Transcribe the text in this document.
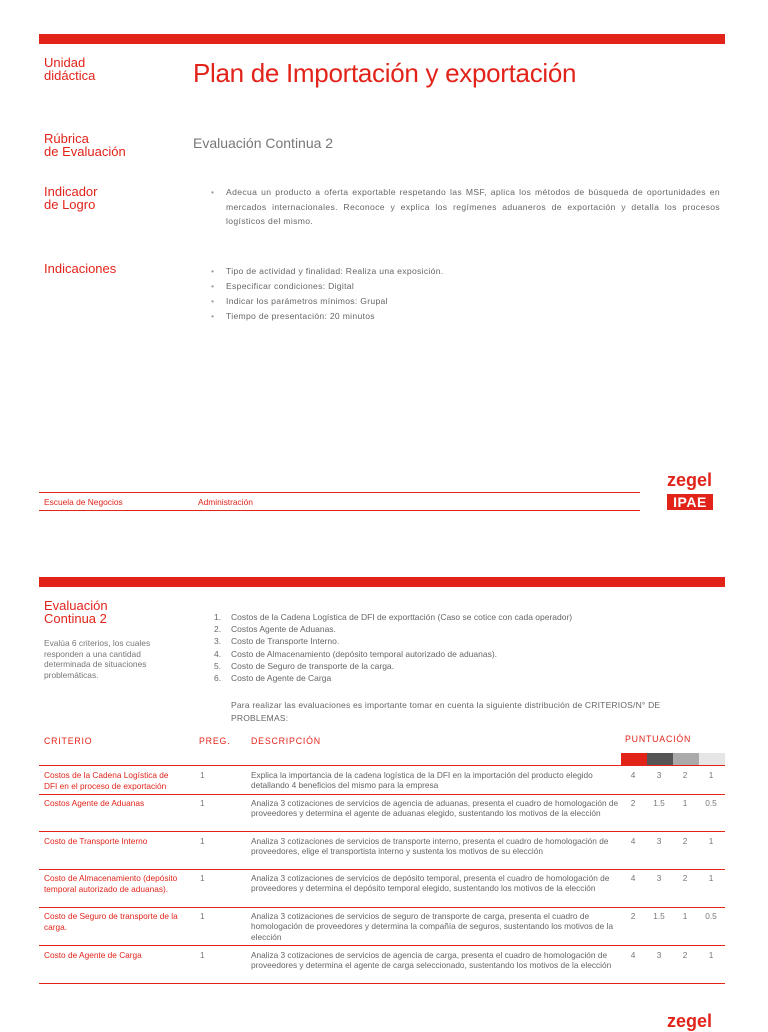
Unidad
didáctica	Plan de Importación y exportación
Rúbrica
de Evaluación
Evaluación Continua 2
Indicador
de Logro
• Adecua un producto a oferta exportable respetando las MSF, aplica los métodos de búsqueda de oportunidades en mercados internacionales. Reconoce y explica los regímenes aduaneros de exportación y detalla los procesos logísticos del mismo.
Indicaciones
•	Tipo de actividad y finalidad: Realiza una exposición.
• Especificar condiciones: Digital
• Indicar los parámetros mínimos: Grupal
• Tiempo de presentación: 20 minutos
Escuela de Negocios	Administración
zegel
IPAE
Evaluación
Continua 2
Evalúa 6 criterios, los cuales responden a una cantidad determinada de situaciones problemáticas.
1. Costos de la Cadena Logística de DFI de exporttación (Caso se cotice con cada operador)
2. Costos Agente de Aduanas.
3. Costo de Transporte Interno.
4. Costo de Almacenamiento (depósito temporal autorizado de aduanas).
5. Costo de Seguro de transporte de la carga.
6. Costo de Agente de Carga
Para realizar las evaluaciones es importante tomar en cuenta la siguiente distribución de CRITERIOS/N° DE PROBLEMAS:
CRITERIO	PREG. DESCRIPCIÓN	PUNTUACIÓN
Costos de la Cadena Logística de DFI en el proceso de exportación
1	Explica la importancia de la cadena logística de la DFI en la importación del producto elegido detallando 4 beneficios del mismo para la empresa
4	3	2	1
Costos Agente de Aduanas	1	Analiza 3 cotizaciones de servicios de agencia de aduanas, presenta el cuadro de homologación de proveedores y determina el agente de aduanas elegido, sustentando los motivos de la elección
2	1.5	1	0.5
Costo de Transporte Interno	1	Analiza 3 cotizaciones de servicios de transporte interno, presenta el cuadro de homologación de proveedores, elige el transportista interno y sustenta los motivos de su elección
4	3	2	1
Costo de Almacenamiento (depósito temporal autorizado de aduanas).
1	Analiza 3 cotizaciones de servicios de depósito temporal, presenta el cuadro de homologación de proveedores y determina el depósito temporal elegido, sustentando los motivos de la elección
4	3	2	1
Costo de Seguro de transporte de la carga.
1	Analiza 3 cotizaciones de servicios de seguro de transporte de carga, presenta el cuadro de homologación de proveedores y determina la compañía de seguros, sustentando los motivos de la elección
2	1.5	1	0.5
Costo de Agente de Carga	1	Analiza 3 cotizaciones de servicios de agencia de carga, presenta el cuadro de homologación de proveedores y determina el agente de carga seleccionado, sustentando los motivos de la elección
4	3	2	1
zegel
